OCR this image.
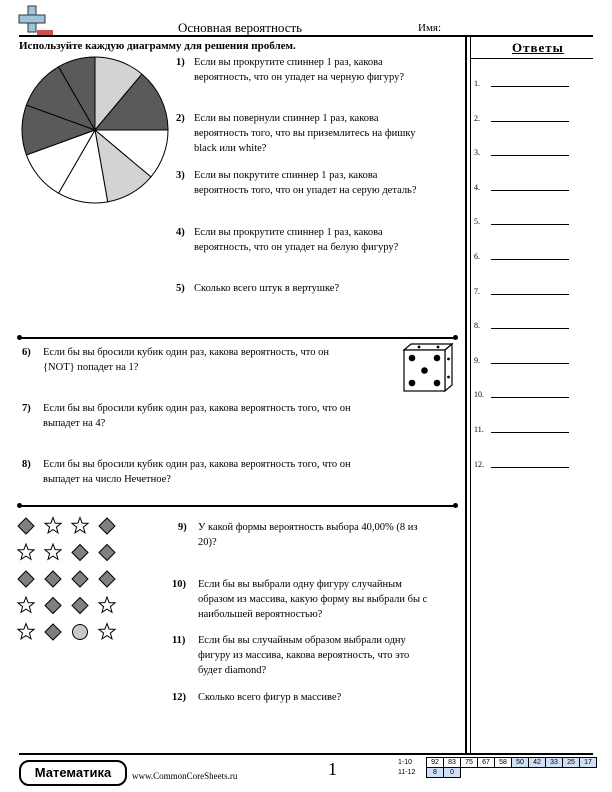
Основная вероятность	Имя:
Используйте каждую диаграмму для решения проблем.
1) Если вы прокрутите спиннер 1 раз, какова
вероятность, что он упадет на черную фигуру?
2) Если вы повернули спиннер 1 раз, какова
вероятность того, что вы приземлитесь на фишку
black или white?
3) Если вы покрутите спиннер 1 раз, какова
вероятность того, что он упадет на серую деталь?
4) Если вы прокрутите спиннер 1 раз, какова
вероятность, что он упадет на белую фигуру?
5) Сколько всего штук в вертушке?
6) Если бы вы бросили кубик один раз, какова вероятность, что он
{NOT} попадет на 1?
7) Если бы вы бросили кубик один раз, какова вероятность того, что он
выпадет на 4?
8) Если бы вы бросили кубик один раз, какова вероятность того, что он
выпадет на число Нечетное?
9) У какой формы вероятность выбора 40,00% (8 из
20)?
10) Если бы вы выбрали одну фигуру случайным
образом из массива, какую форму вы выбрали бы с
наибольшей вероятностью?
11) Если бы вы случайным образом выбрали одну
фигуру из массива, какова вероятность, что это
будет diamond?
12) Сколько всего фигур в массиве?
Ответы
1.
2.
3.
4.
5.
6.
7.
8.
9.
10.
11.
12.
Математика	www.CommonCoreSheets.ru	1	1-10	92	83	75	67	58	50	42	33	25	17
11-12	8	0								
